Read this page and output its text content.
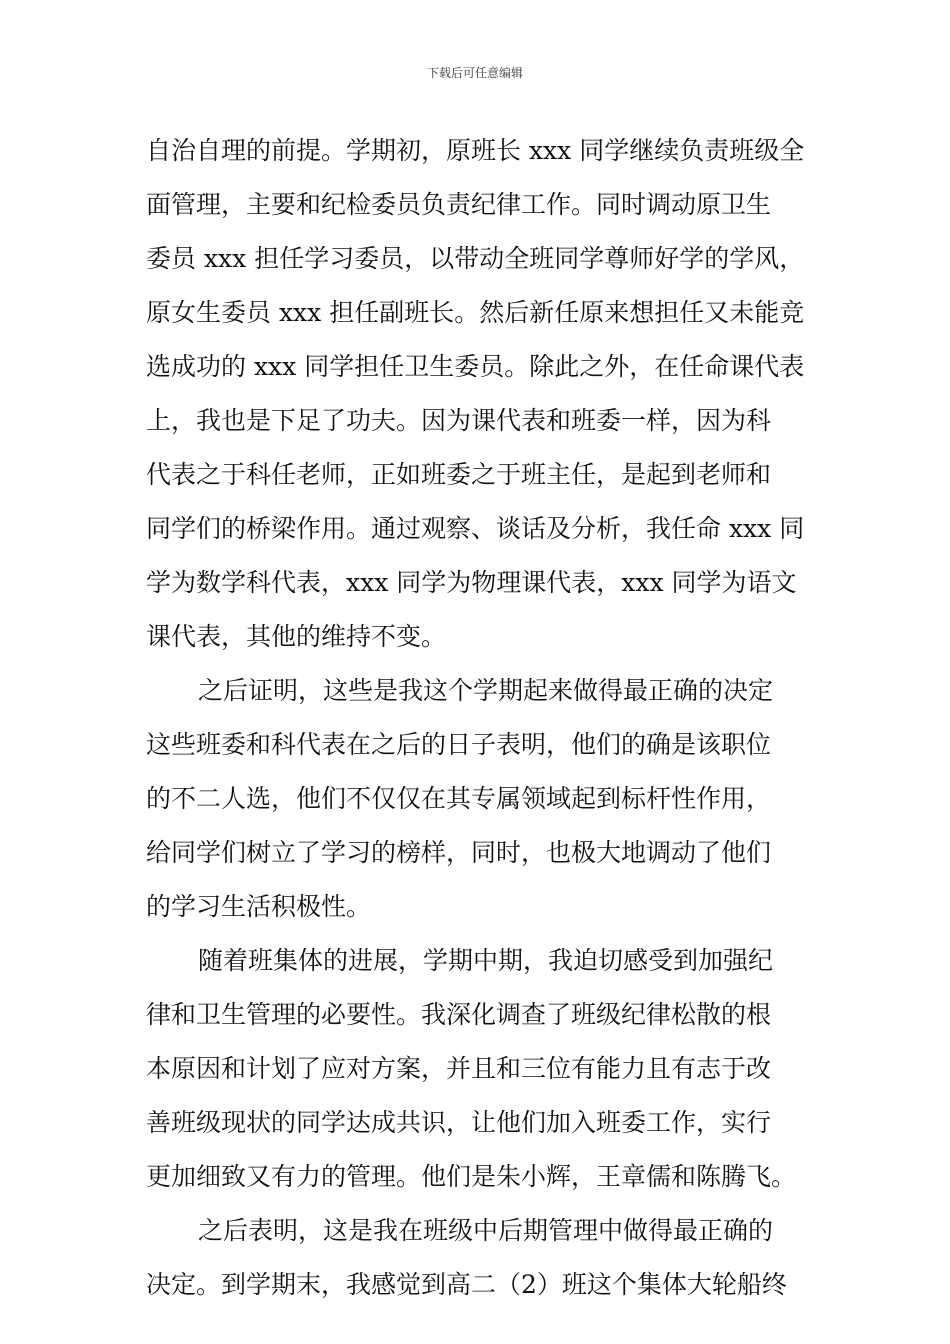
下载后可任意编辑
自治自理的前提。学期初，原班长 xxx 同学继续负责班级全
面管理，主要和纪检委员负责纪律工作。同时调动原卫生
委员 xxx 担任学习委员，以带动全班同学尊师好学的学风，
原女生委员 xxx 担任副班长。然后新任原来想担任又未能竞
选成功的 xxx 同学担任卫生委员。除此之外，在任命课代表
上，我也是下足了功夫。因为课代表和班委一样，因为科
代表之于科任老师，正如班委之于班主任，是起到老师和
同学们的桥梁作用。通过观察、谈话及分析，我任命 xxx 同
学为数学科代表，xxx 同学为物理课代表，xxx 同学为语文
课代表，其他的维持不变。
之后证明，这些是我这个学期起来做得最正确的决定
这些班委和科代表在之后的日子表明，他们的确是该职位
的不二人选，他们不仅仅在其专属领域起到标杆性作用，
给同学们树立了学习的榜样，同时，也极大地调动了他们
的学习生活积极性。
随着班集体的进展，学期中期，我迫切感受到加强纪
律和卫生管理的必要性。我深化调查了班级纪律松散的根
本原因和计划了应对方案，并且和三位有能力且有志于改
善班级现状的同学达成共识，让他们加入班委工作，实行
更加细致又有力的管理。他们是朱小辉，王章儒和陈腾飞。
之后表明，这是我在班级中后期管理中做得最正确的
决定。到学期末，我感觉到高二（2）班这个集体大轮船终
